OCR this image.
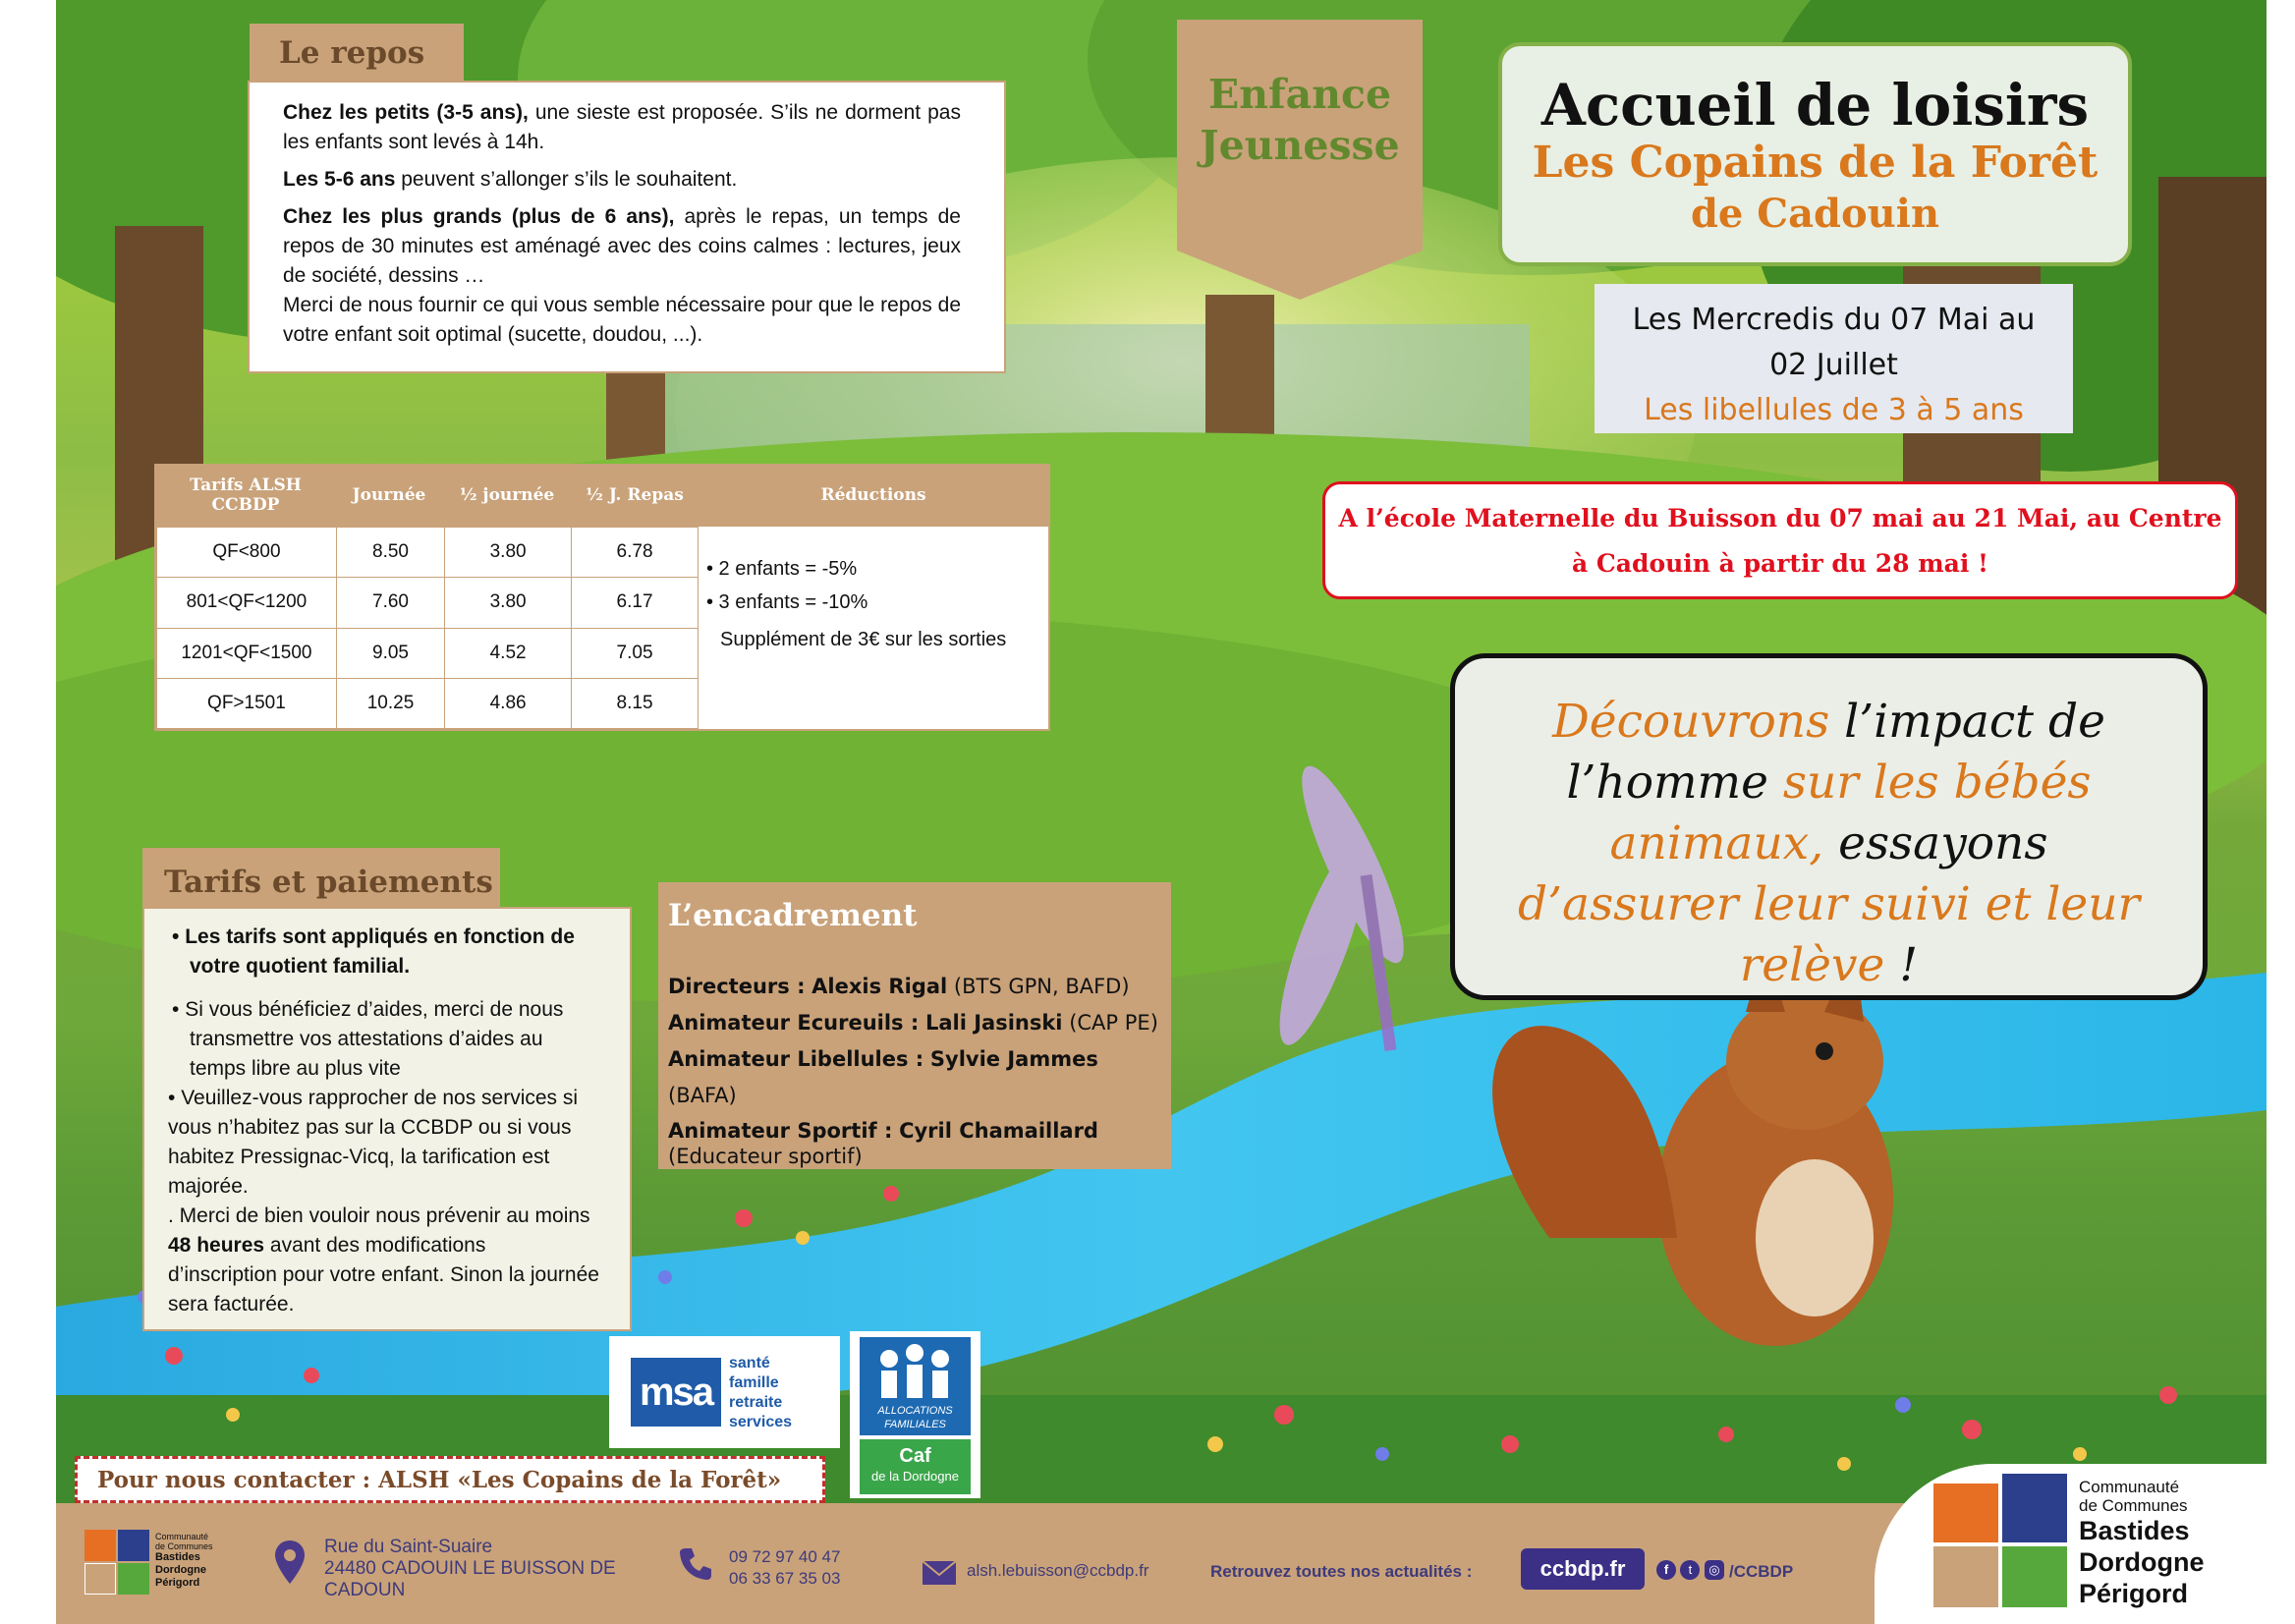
Le repos
Chez les petits (3-5 ans), une sieste est proposée. S’ils ne dorment pas les enfants sont levés à 14h.
Les 5-6 ans peuvent s’allonger s’ils le souhaitent.
Chez les plus grands (plus de 6 ans), après le repas, un temps de repos de 30 minutes est aménagé avec des coins calmes : lectures, jeux de société, dessins …
Merci de nous fournir ce qui vous semble nécessaire pour que le repos de votre enfant soit optimal (sucette, doudou, ...).
Enfance
Jeunesse
Accueil de loisirs
Les Copains de la Forêt
de Cadouin
Les Mercredis du 07 Mai au
02 Juillet
Les libellules de 3 à 5 ans
A l’école Maternelle du Buisson du 07 mai au 21 Mai, au Centre
à Cadouin à partir du 28 mai !
Tarifs ALSH
CCBDP	Journée	½ journée	½ J. Repas	Réductions
QF<800	8.50	3.80	6.78
801<QF<1200	7.60	3.80	6.17
1201<QF<1500	9.05	4.52	7.05
QF>1501	10.25	4.86	8.15
• 2 enfants = -5%
• 3 enfants = -10%
Supplément de 3€ sur les sorties
Découvrons l’impact de l’homme sur les bébés animaux, essayons d’assurer leur suivi et leur relève !
Tarifs et paiements
• Les tarifs sont appliqués en fonction de votre quotient familial.
• Si vous bénéficiez d’aides, merci de nous transmettre vos attestations d’aides au temps libre au plus vite
• Veuillez-vous rapprocher de nos services si vous n’habitez pas sur la CCBDP ou si vous habitez Pressignac-Vicq, la tarification est majorée.
. Merci de bien vouloir nous prévenir au moins 48 heures avant des modifications d’inscription pour votre enfant. Sinon la journée sera facturée.
L’encadrement
Directeurs : Alexis Rigal (BTS GPN, BAFD)
Animateur Ecureuils : Lali Jasinski (CAP PE)
Animateur Libellules : Sylvie Jammes (BAFA)
Animateur Sportif : Cyril Chamaillard
(Educateur sportif)
msa
santé
famille
retraite
services
ALLOCATIONS
FAMILIALES
Caf
de la Dordogne
Pour nous contacter : ALSH «Les Copains de la Forêt»
Communauté
de Communes
Bastides
Dordogne
Périgord
Rue du Saint-Suaire
24480 CADOUIN LE BUISSON DE
CADOUN
09 72 97 40 47
06 33 67 35 03	alsh.lebuisson@ccbdp.fr	Retrouvez toutes nos actualités :	ccbdp.fr	f t ◎ /CCBDP
Communauté
de Communes
Bastides
Dordogne
Périgord
